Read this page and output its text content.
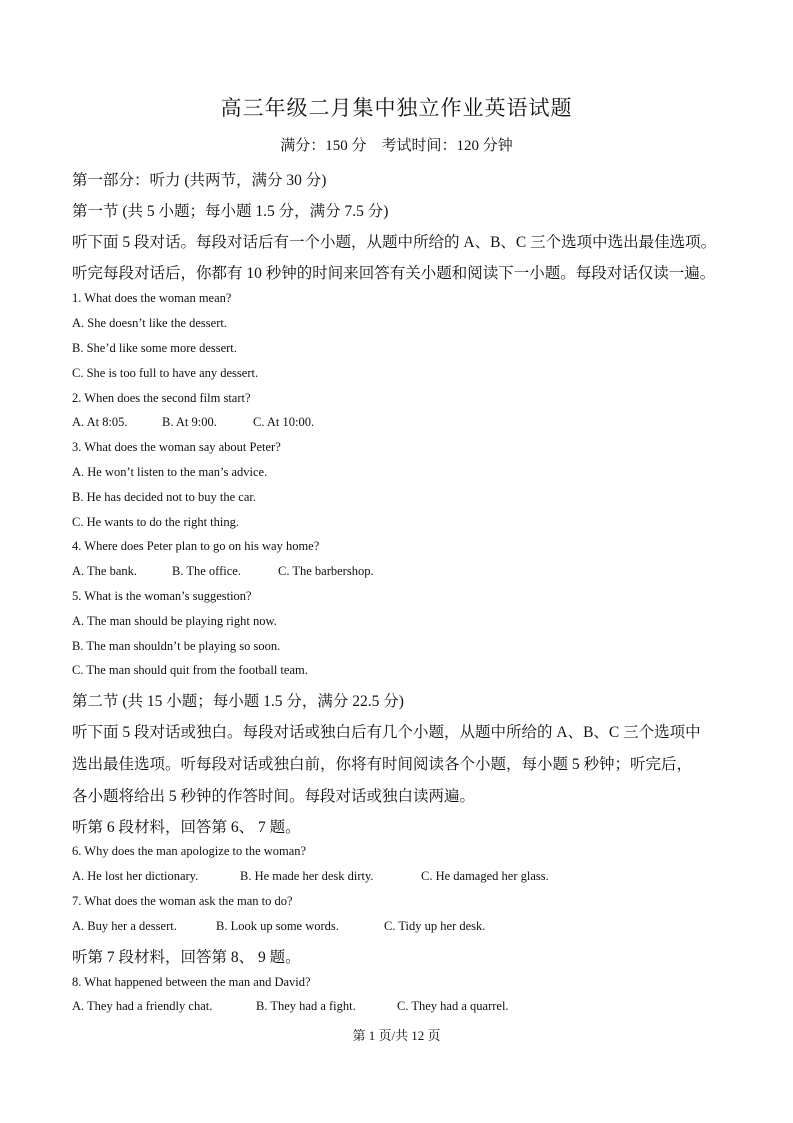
高三年级二月集中独立作业英语试题
满分：150 分　考试时间：120 分钟
第一部分：听力 (共两节，满分 30 分)
第一节 (共 5 小题；每小题 1.5 分，满分 7.5 分)
听下面 5 段对话。每段对话后有一个小题，从题中所给的 A、B、C 三个选项中选出最佳选项。
听完每段对话后，你都有 10 秒钟的时间来回答有关小题和阅读下一小题。每段对话仅读一遍。
1. What does the woman mean?
A. She doesn’t like the dessert.
B. She’d like some more dessert.
C. She is too full to have any dessert.
2. When does the second film start?
A. At 8:05.	B. At 9:00.	C. At 10:00.
3. What does the woman say about Peter?
A. He won’t listen to the man’s advice.
B. He has decided not to buy the car.
C. He wants to do the right thing.
4. Where does Peter plan to go on his way home?
A. The bank.	B. The office.	C. The barbershop.
5. What is the woman’s suggestion?
A. The man should be playing right now.
B. The man shouldn’t be playing so soon.
C. The man should quit from the football team.
第二节 (共 15 小题；每小题 1.5 分，满分 22.5 分)
听下面 5 段对话或独白。每段对话或独白后有几个小题，从题中所给的 A、B、C 三个选项中
选出最佳选项。听每段对话或独白前，你将有时间阅读各个小题，每小题 5 秒钟；听完后，
各小题将给出 5 秒钟的作答时间。每段对话或独白读两遍。
听第 6 段材料，回答第 6、 7 题。
6. Why does the man apologize to the woman?
A. He lost her dictionary.	B. He made her desk dirty.	C. He damaged her glass.
7. What does the woman ask the man to do?
A. Buy her a dessert.	B. Look up some words.	C. Tidy up her desk.
听第 7 段材料，回答第 8、 9 题。
8. What happened between the man and David?
A. They had a friendly chat.	B. They had a fight.	C. They had a quarrel.
第 1 页/共 12 页
